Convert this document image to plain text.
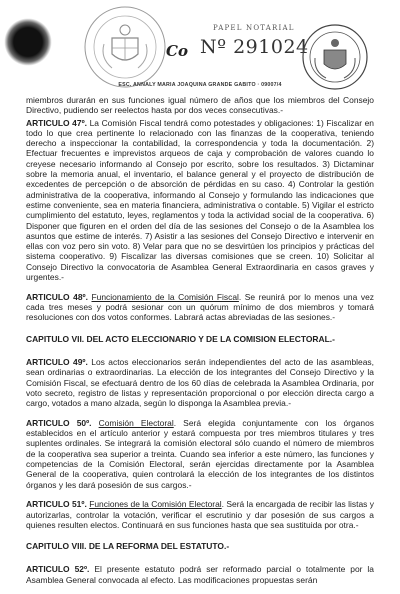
Co
PAPEL NOTARIAL
Nº 291024
ESC. ANNALY MARIA JOAQUINA GRANDE GABITO · 09007/4

miembros durarán en sus funciones igual número de años que los miembros del Consejo Directivo, pudiendo ser reelectos hasta por dos veces consecutivas.-

ARTICULO 47º. La Comisión Fiscal tendrá como potestades y obligaciones: 1) Fiscalizar en todo lo que crea pertinente lo relacionado con las finanzas de la cooperativa, teniendo derecho a inspeccionar la contabilidad, la correspondencia y toda la documentación. 2) Efectuar frecuentes e imprevistos arqueos de caja y comprobación de valores cuando lo creyese necesario informando al Consejo por escrito, sobre los resultados. 3) Dictaminar sobre la memoria anual, el inventario, el balance general y el proyecto de distribución de excedentes de percepción o de absorción de pérdidas en su caso. 4) Controlar la gestión administrativa de la cooperativa, informando al Consejo y formulando las indicaciones que estime conveniente, sea en materia financiera, administrativa o contable. 5) Vigilar el estricto cumplimiento del estatuto, leyes, reglamentos y toda la actividad social de la cooperativa. 6) Disponer que figuren en el orden del día de las sesiones del Consejo o de la Asamblea los asuntos que estime de interés. 7) Asistir a las sesiones del Consejo Directivo e intervenir en ellas con voz pero sin voto. 8) Velar para que no se desvirtúen los principios y prácticas del sistema cooperativo. 9) Fiscalizar las diversas comisiones que se creen. 10) Solicitar al Consejo Directivo la convocatoria de Asamblea General Extraordinaria en casos graves y urgentes.-

ARTICULO 48º. Funcionamiento de la Comisión Fiscal. Se reunirá por lo menos una vez cada tres meses y podrá sesionar con un quórum mínimo de dos miembros y tomará resoluciones con dos votos conformes. Labrará actas abreviadas de las sesiones.-

CAPITULO VII. DEL ACTO ELECCIONARIO Y DE LA COMISION ELECTORAL.-

ARTICULO 49º. Los actos eleccionarios serán independientes del acto de las asambleas, sean ordinarias o extraordinarias. La elección de los integrantes del Consejo Directivo y la Comisión Fiscal, se efectuará dentro de los 60 días de celebrada la Asamblea Ordinaria, por voto secreto, registro de listas y representación proporcional o por elección directa cargo a cargo, votados a mano alzada, según lo disponga la Asamblea previa.-

ARTICULO 50º. Comisión Electoral. Será elegida conjuntamente con los órganos establecidos en el artículo anterior y estará compuesta por tres miembros titulares y tres suplentes ordinales. Se integrará la comisión electoral sólo cuando el número de miembros de la cooperativa sea superior a treinta. Cuando sea inferior a este número, las funciones y competencias de la Comisión Electoral, serán ejercidas directamente por la Asamblea General de la cooperativa, quien controlará la elección de los integrantes de los distintos órganos y les dará posesión de sus cargos.-

ARTICULO 51º. Funciones de la Comisión Electoral. Será la encargada de recibir las listas y autorizarlas, controlar la votación, verificar el escrutinio y dar posesión de sus cargos a quienes resulten electos. Continuará en sus funciones hasta que sea sustituida por otra.-

CAPITULO VIII. DE LA REFORMA DEL ESTATUTO.-

ARTICULO 52º. El presente estatuto podrá ser reformado parcial o totalmente por la Asamblea General convocada al efecto. Las modificaciones propuestas serán
